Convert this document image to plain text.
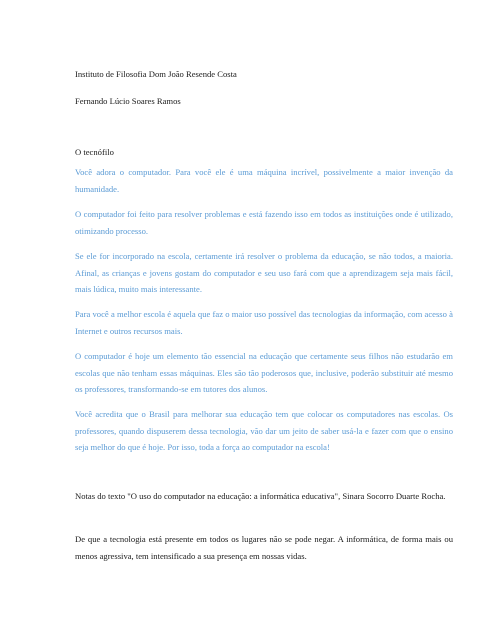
Instituto de Filosofia Dom João Resende Costa
Fernando Lúcio Soares Ramos
O tecnófilo
Você adora o computador. Para você ele é uma máquina incrível, possivelmente a maior invenção da humanidade.
O computador foi feito para resolver problemas e está fazendo isso em todos as instituições onde é utilizado, otimizando processo.
Se ele for incorporado na escola, certamente irá resolver o problema da educação, se não todos, a maioria. Afinal, as crianças e jovens gostam do computador e seu uso fará com que a aprendizagem seja mais fácil, mais lúdica, muito mais interessante.
Para você a melhor escola é aquela que faz o maior uso possível das tecnologias da informação, com acesso à Internet e outros recursos mais.
O computador é hoje um elemento tão essencial na educação que certamente seus filhos não estudarão em escolas que não tenham essas máquinas. Eles são tão poderosos que, inclusive, poderão substituir até mesmo os professores, transformando-se em tutores dos alunos.
Você acredita que o Brasil para melhorar sua educação tem que colocar os computadores nas escolas. Os professores, quando dispuserem dessa tecnologia, vão dar um jeito de saber usá-la e fazer com que o ensino seja melhor do que é hoje. Por isso, toda a força ao computador na escola!
Notas do texto "O uso do computador na educação: a informática educativa", Sinara Socorro Duarte Rocha.
De que a tecnologia está presente em todos os lugares não se pode negar. A informática, de forma mais ou menos agressiva, tem intensificado a sua presença em nossas vidas.
